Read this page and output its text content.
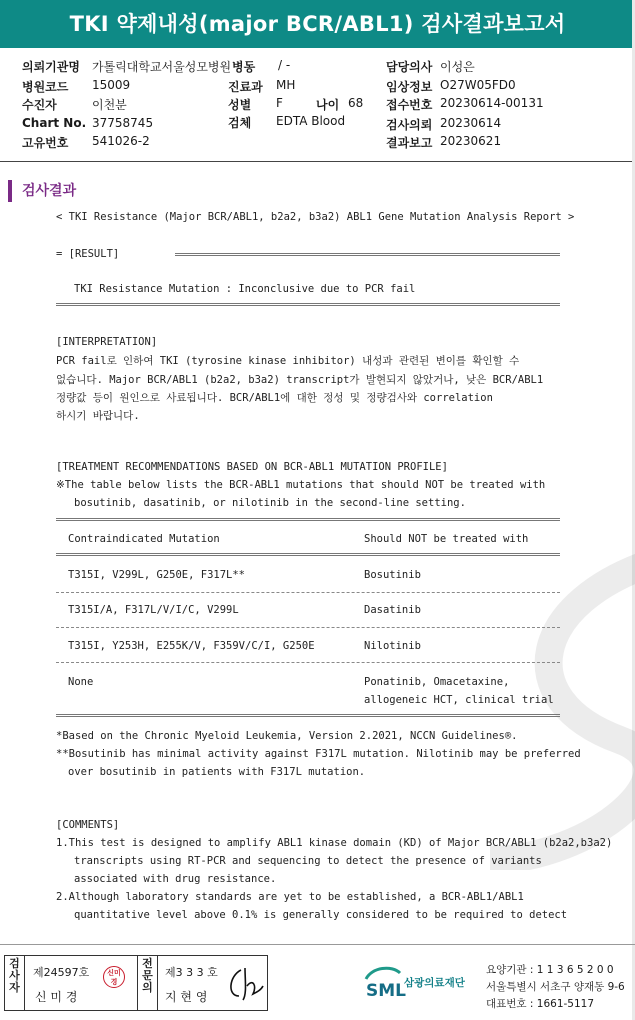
TKI 약제내성(major BCR/ABL1) 검사결과보고서
의뢰기관명 가톨릭대학교서울성모병원 병동 / -	담당의사 이성은
병원코드 15009	진료과 MH	임상정보 O27W05FD0
수진자	이천분	성별 F	나이 68 접수번호 20230614-00131
Chart No. 37758745	검체 EDTA Blood	검사의뢰 20230614
고유번호 541026-2	결과보고 20230621
검사결과
< TKI Resistance (Major BCR/ABL1, b2a2, b3a2) ABL1 Gene Mutation Analysis Report >
= [RESULT]
TKI Resistance Mutation : Inconclusive due to PCR fail
[INTERPRETATION]
PCR fail로 인하여 TKI (tyrosine kinase inhibitor) 내성과 관련된 변이를 확인할 수
없습니다. Major BCR/ABL1 (b2a2, b3a2) transcript가 발현되지 않았거나, 낮은 BCR/ABL1
정량값 등이 원인으로 사료됩니다. BCR/ABL1에 대한 정성 및 정량검사와 correlation
하시기 바랍니다.
[TREATMENT RECOMMENDATIONS BASED ON BCR-ABL1 MUTATION PROFILE]
※The table below lists the BCR-ABL1 mutations that should NOT be treated with
bosutinib, dasatinib, or nilotinib in the second-line setting.
Contraindicated Mutation	Should NOT be treated with
T315I, V299L, G250E, F317L**	Bosutinib
T315I/A, F317L/V/I/C, V299L	Dasatinib
T315I, Y253H, E255K/V, F359V/C/I, G250E	Nilotinib
None	Ponatinib, Omacetaxine,
allogeneic HCT, clinical trial
*Based on the Chronic Myeloid Leukemia, Version 2.2021, NCCN Guidelines®.
**Bosutinib has minimal activity against F317L mutation. Nilotinib may be preferred
over bosutinib in patients with F317L mutation.
[COMMENTS]
1.This test is designed to amplify ABL1 kinase domain (KD) of Major BCR/ABL1 (b2a2,b3a2)
transcripts using RT-PCR and sequencing to detect the presence of variants
associated with drug resistance.
2.Although laboratory standards are yet to be established, a BCR-ABL1/ABL1
quantitative level above 0.1% is generally considered to be required to detect
검
사
자
제24597호
신 미 경
신미경
전
문
의
제3 3 3 호
지 현 영	SML
삼광의료재단
요양기관 : 1 1 3 6 5 2 0 0
서울특별시 서초구 양재동 9-6
대표번호 : 1661-5117
